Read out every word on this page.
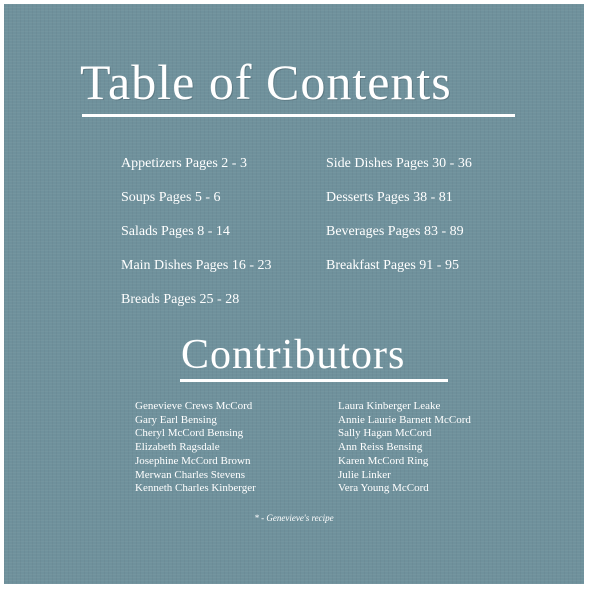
Table of Contents
Appetizers Pages 2 - 3
Soups Pages 5 - 6
Salads Pages 8 - 14
Main Dishes Pages 16 - 23
Breads Pages 25 - 28
Side Dishes Pages 30 - 36
Desserts Pages 38 - 81
Beverages Pages 83 - 89
Breakfast Pages 91 - 95
Contributors
Genevieve Crews McCord
Gary Earl Bensing
Cheryl McCord Bensing
Elizabeth Ragsdale
Josephine McCord Brown
Merwan Charles Stevens
Kenneth Charles Kinberger
Laura Kinberger Leake
Annie Laurie Barnett McCord
Sally Hagan McCord
Ann Reiss Bensing
Karen McCord Ring
Julie Linker
Vera Young McCord
* - Genevieve's recipe
